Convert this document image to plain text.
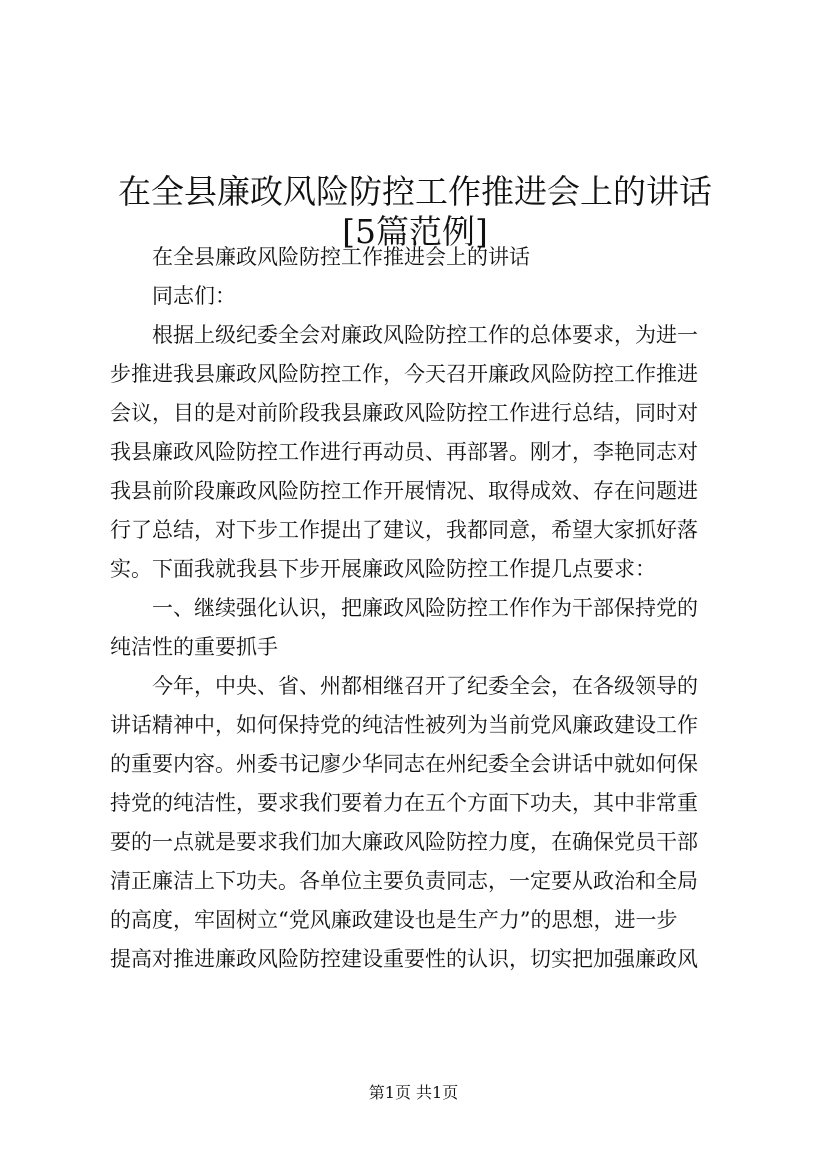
在全县廉政风险防控工作推进会上的讲话[5篇范例]
　　在全县廉政风险防控工作推进会上的讲话
　　同志们：
　　根据上级纪委全会对廉政风险防控工作的总体要求，为进一
步推进我县廉政风险防控工作，今天召开廉政风险防控工作推进
会议，目的是对前阶段我县廉政风险防控工作进行总结，同时对
我县廉政风险防控工作进行再动员、再部署。刚才，李艳同志对
我县前阶段廉政风险防控工作开展情况、取得成效、存在问题进
行了总结，对下步工作提出了建议，我都同意，希望大家抓好落
实。下面我就我县下步开展廉政风险防控工作提几点要求：
　　一、继续强化认识，把廉政风险防控工作作为干部保持党的
纯洁性的重要抓手
　　今年，中央、省、州都相继召开了纪委全会，在各级领导的
讲话精神中，如何保持党的纯洁性被列为当前党风廉政建设工作
的重要内容。州委书记廖少华同志在州纪委全会讲话中就如何保
持党的纯洁性，要求我们要着力在五个方面下功夫，其中非常重
要的一点就是要求我们加大廉政风险防控力度，在确保党员干部
清正廉洁上下功夫。各单位主要负责同志，一定要从政治和全局
的高度，牢固树立“党风廉政建设也是生产力”的思想，进一步
提高对推进廉政风险防控建设重要性的认识，切实把加强廉政风
第1页 共1页
